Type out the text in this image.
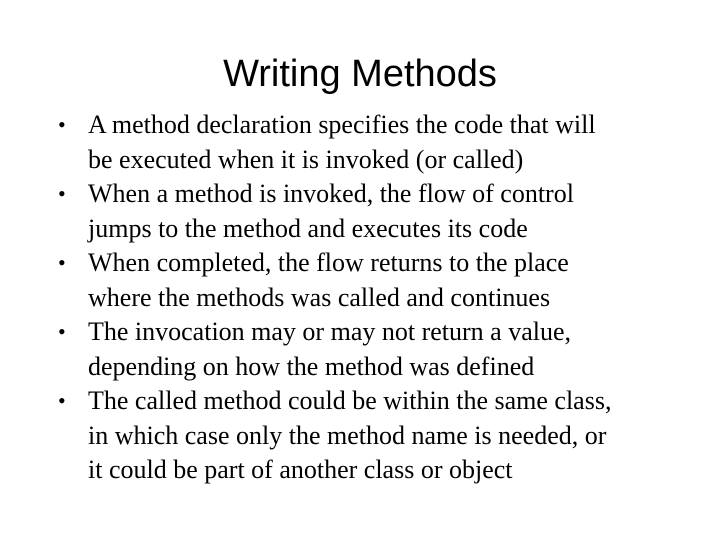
Writing Methods
• A method declaration specifies the code that will
be executed when it is invoked (or called)
• When a method is invoked, the flow of control
jumps to the method and executes its code
• When completed, the flow returns to the place
where the methods was called and continues
• The invocation may or may not return a value,
depending on how the method was defined
• The called method could be within the same class,
in which case only the method name is needed, or
it could be part of another class or object
